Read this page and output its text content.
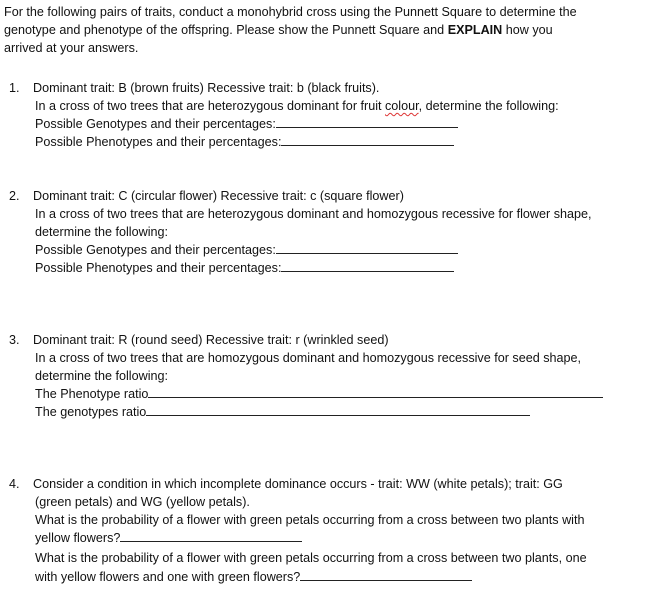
For the following pairs of traits, conduct a monohybrid cross using the Punnett Square to determine the
genotype and phenotype of the offspring. Please show the Punnett Square and EXPLAIN how you
arrived at your answers.
1. Dominant trait: B (brown fruits) Recessive trait: b (black fruits).
In a cross of two trees that are heterozygous dominant for fruit colour, determine the following:
Possible Genotypes and their percentages:
Possible Phenotypes and their percentages:
2. Dominant trait: C (circular flower) Recessive trait: c (square flower)
In a cross of two trees that are heterozygous dominant and homozygous recessive for flower shape,
determine the following:
Possible Genotypes and their percentages:
Possible Phenotypes and their percentages:
3. Dominant trait: R (round seed) Recessive trait: r (wrinkled seed)
In a cross of two trees that are homozygous dominant and homozygous recessive for seed shape,
determine the following:
The Phenotype ratio
The genotypes ratio
4. Consider a condition in which incomplete dominance occurs - trait: WW (white petals); trait: GG
(green petals) and WG (yellow petals).
What is the probability of a flower with green petals occurring from a cross between two plants with
yellow flowers?
What is the probability of a flower with green petals occurring from a cross between two plants, one
with yellow flowers and one with green flowers?
